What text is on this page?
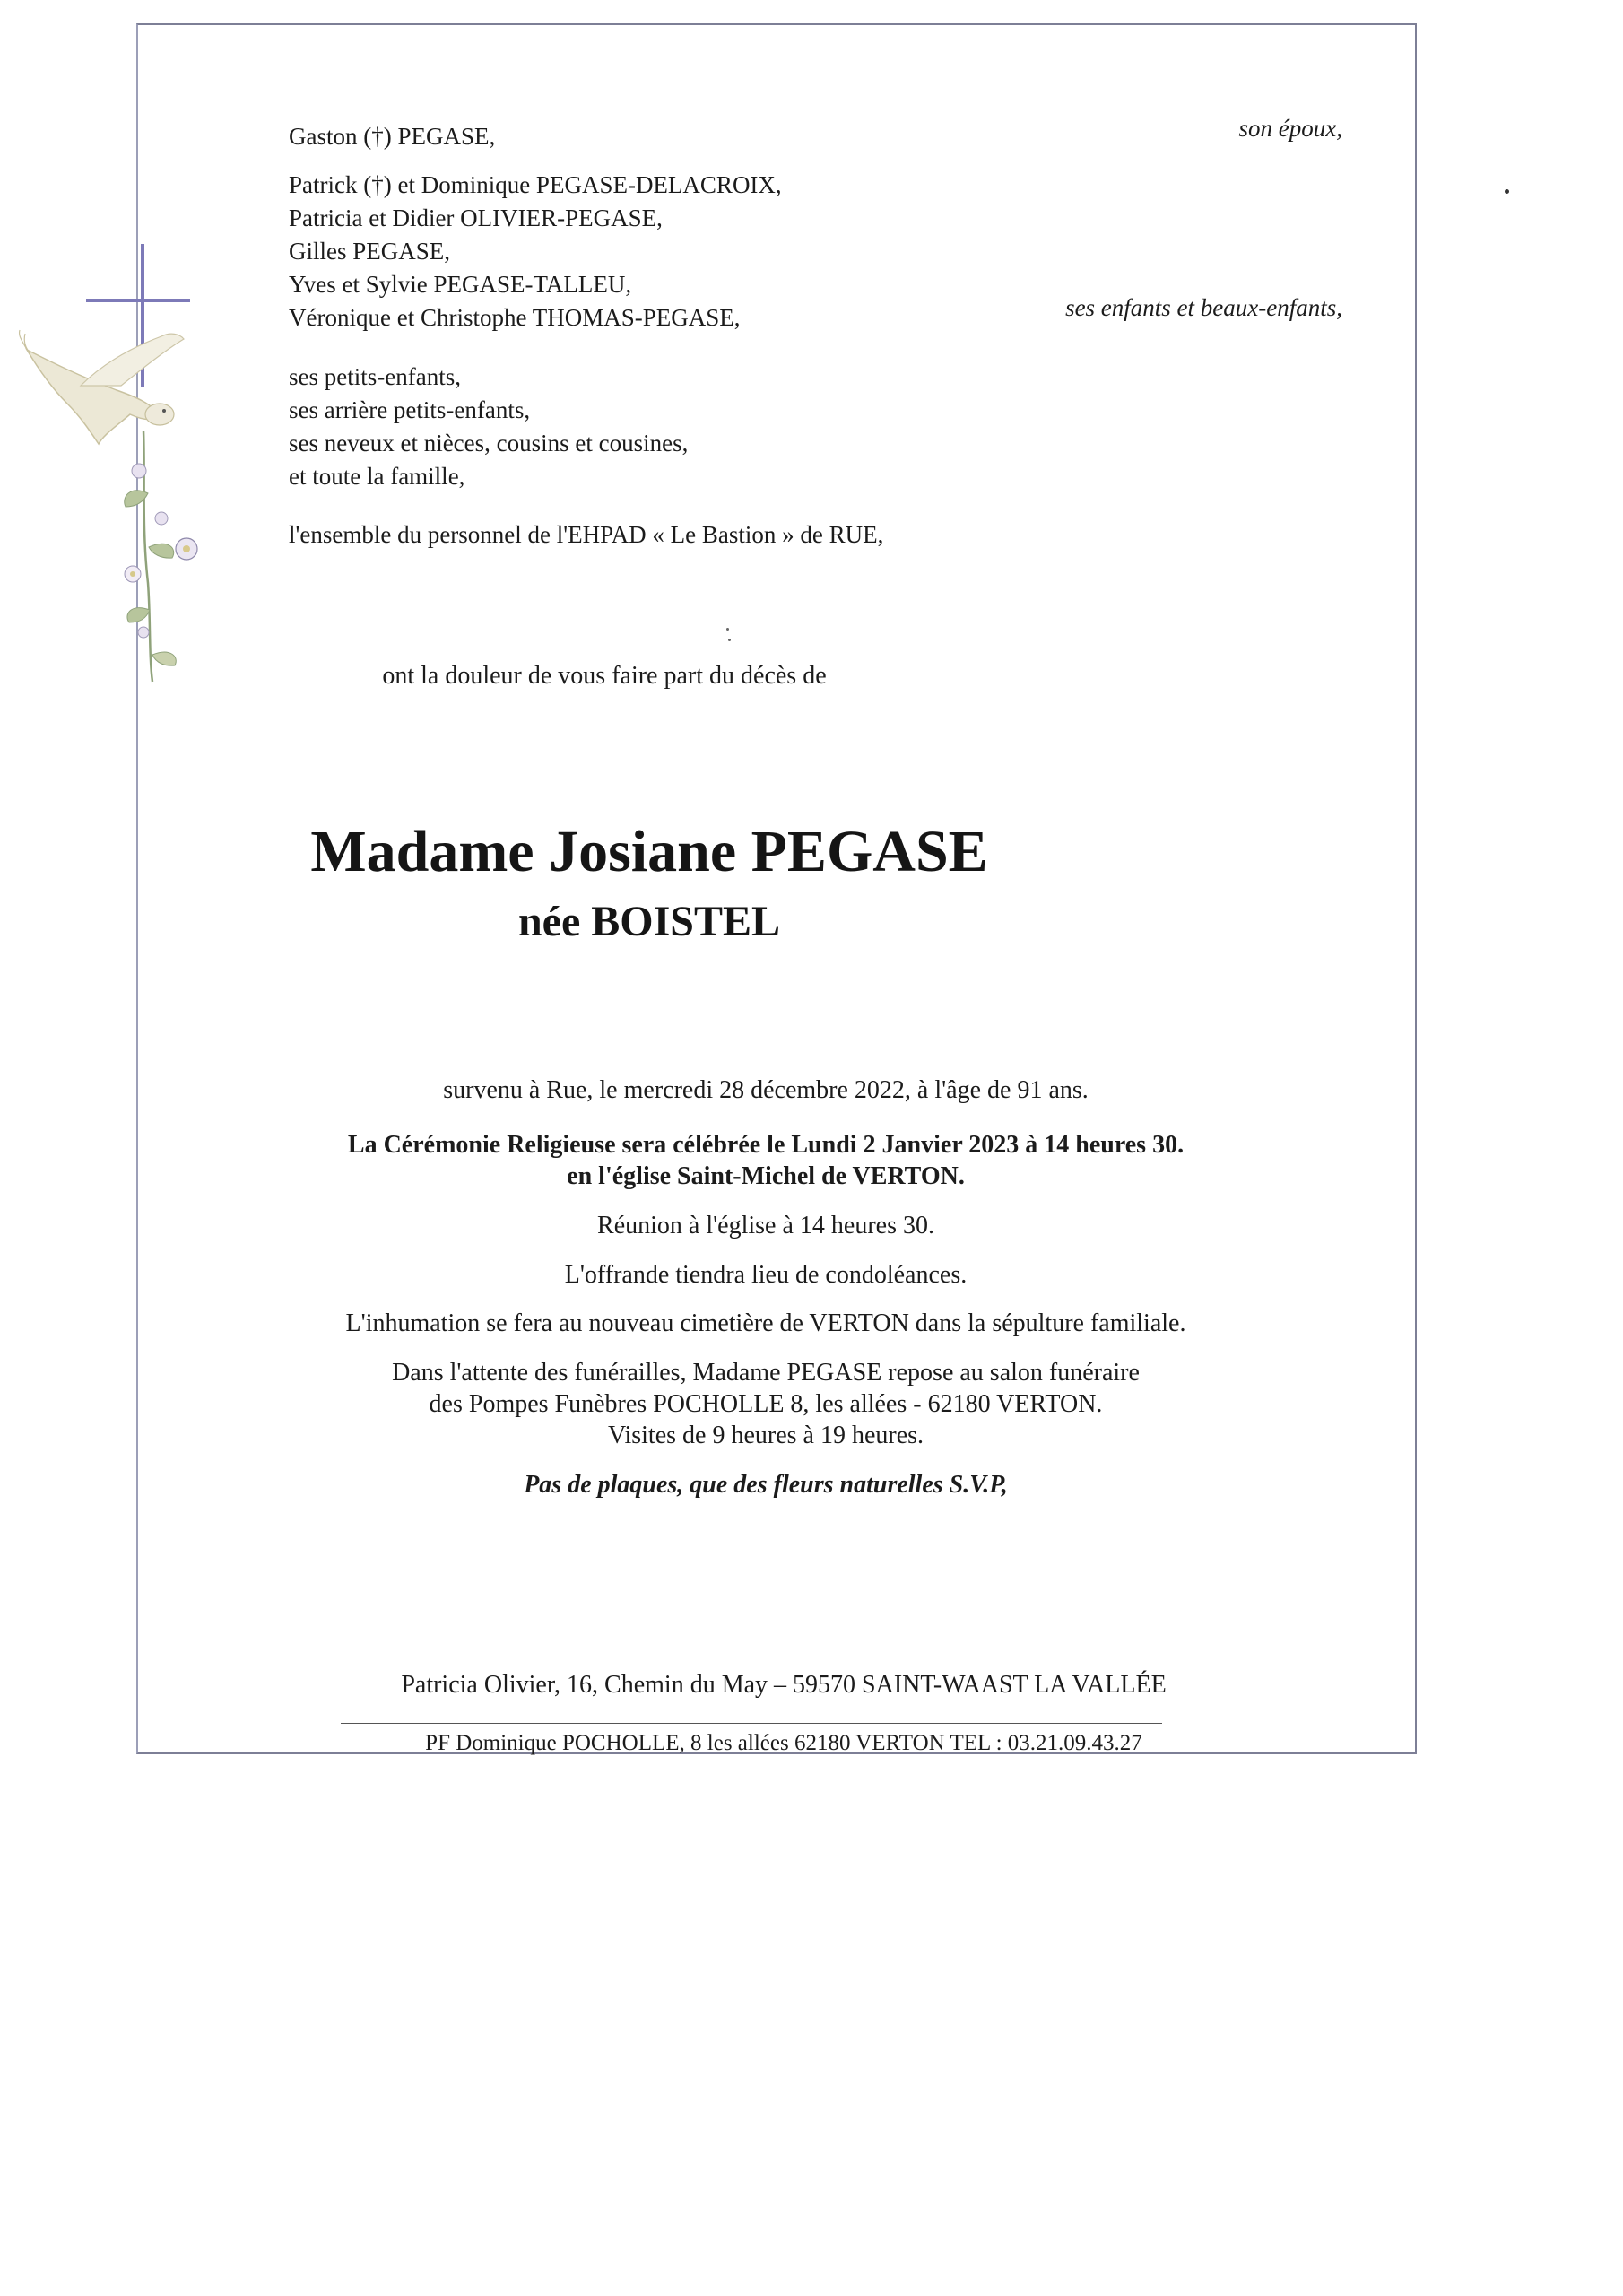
Gaston (†) PEGASE,	son époux,
Patrick (†) et Dominique PEGASE-DELACROIX,
Patricia et Didier OLIVIER-PEGASE,
Gilles PEGASE,
Yves et Sylvie PEGASE-TALLEU,
Véronique et Christophe THOMAS-PEGASE,	ses enfants et beaux-enfants,
ses petits-enfants,
ses arrière petits-enfants,
ses neveux et nièces, cousins et cousines,
et toute la famille,
l'ensemble du personnel de l'EHPAD « Le Bastion » de RUE,
ont la douleur de vous faire part du décès de
Madame Josiane PEGASE
née BOISTEL
survenu à Rue, le mercredi 28 décembre 2022, à l'âge de 91 ans.
La Cérémonie Religieuse sera célébrée le Lundi 2 Janvier 2023 à 14 heures 30.
en l'église Saint-Michel de VERTON.
Réunion à l'église à 14 heures 30.
L'offrande tiendra lieu de condoléances.
L'inhumation se fera au nouveau cimetière de VERTON dans la sépulture familiale.
Dans l'attente des funérailles, Madame PEGASE repose au salon funéraire
des Pompes Funèbres POCHOLLE 8, les allées - 62180 VERTON.
Visites de 9 heures à 19 heures.
Pas de plaques, que des fleurs naturelles S.V.P,
Patricia Olivier, 16, Chemin du May – 59570 SAINT-WAAST LA VALLÉE
PF Dominique POCHOLLE, 8 les allées 62180 VERTON TEL : 03.21.09.43.27
